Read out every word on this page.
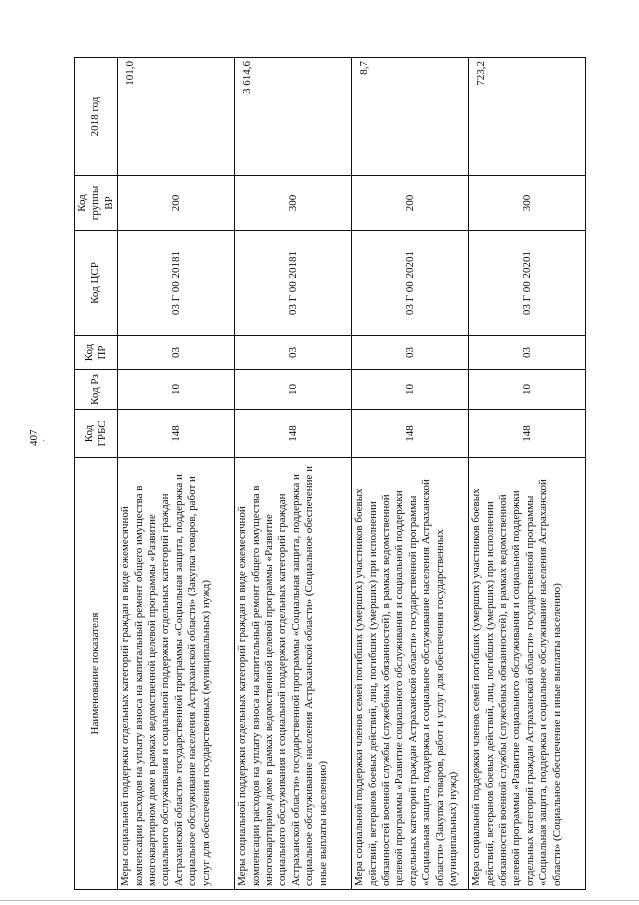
407 ·
Наименование показателя	Код ГРБС	Код Рз	Код ПР	Код ЦСР	Код группы ВР	2018 год
Меры социальной поддержки отдельных категорий граждан в виде ежемесячной компенсации расходов на уплату взноса на капитальный ремонт общего имущества в многоквартирном доме в рамках ведомственной целевой программы «Развитие социального обслуживания и социальной поддержки отдельных категорий граждан Астраханской области» государственной программы «Социальная защита, поддержка и социальное обслуживание населения Астраханской области» (Закупка товаров, работ и услуг для обеспечения государственных (муниципальных) нужд)	148	10	03	03 Г 00 20181	200	101,0
Меры социальной поддержки отдельных категорий граждан в виде ежемесячной компенсации расходов на уплату взноса на капитальный ремонт общего имущества в многоквартирном доме в рамках ведомственной целевой программы «Развитие социального обслуживания и социальной поддержки отдельных категорий граждан Астраханской области» государственной программы «Социальная защита, поддержка и социальное обслуживание населения Астраханской области» (Социальное обеспечение и иные выплаты населению)	148	10	03	03 Г 00 20181	300	3 614,6
Мера социальной поддержки членов семей погибших (умерших) участников боевых действий, ветеранов боевых действий, лиц, погибших (умерших) при исполнении обязанностей военной службы (служебных обязанностей), в рамках ведомственной целевой программы «Развитие социального обслуживания и социальной поддержки отдельных категорий граждан Астраханской области» государственной программы «Социальная защита, поддержка и социальное обслуживание населения Астраханской области» (Закупка товаров, работ и услуг для обеспечения государственных (муниципальных) нужд)	148	10	03	03 Г 00 20201	200	8,7
Мера социальной поддержки членов семей погибших (умерших) участников боевых действий, ветеранов боевых действий, лиц, погибших (умерших) при исполнении обязанностей военной службы (служебных обязанностей), в рамках ведомственной целевой программы «Развитие социального обслуживания и социальной поддержки отдельных категорий граждан Астраханской области» государственной программы «Социальная защита, поддержка и социальное обслуживание населения Астраханской области» (Социальное обеспечение и иные выплаты населению)	148	10	03	03 Г 00 20201	300	723,2
